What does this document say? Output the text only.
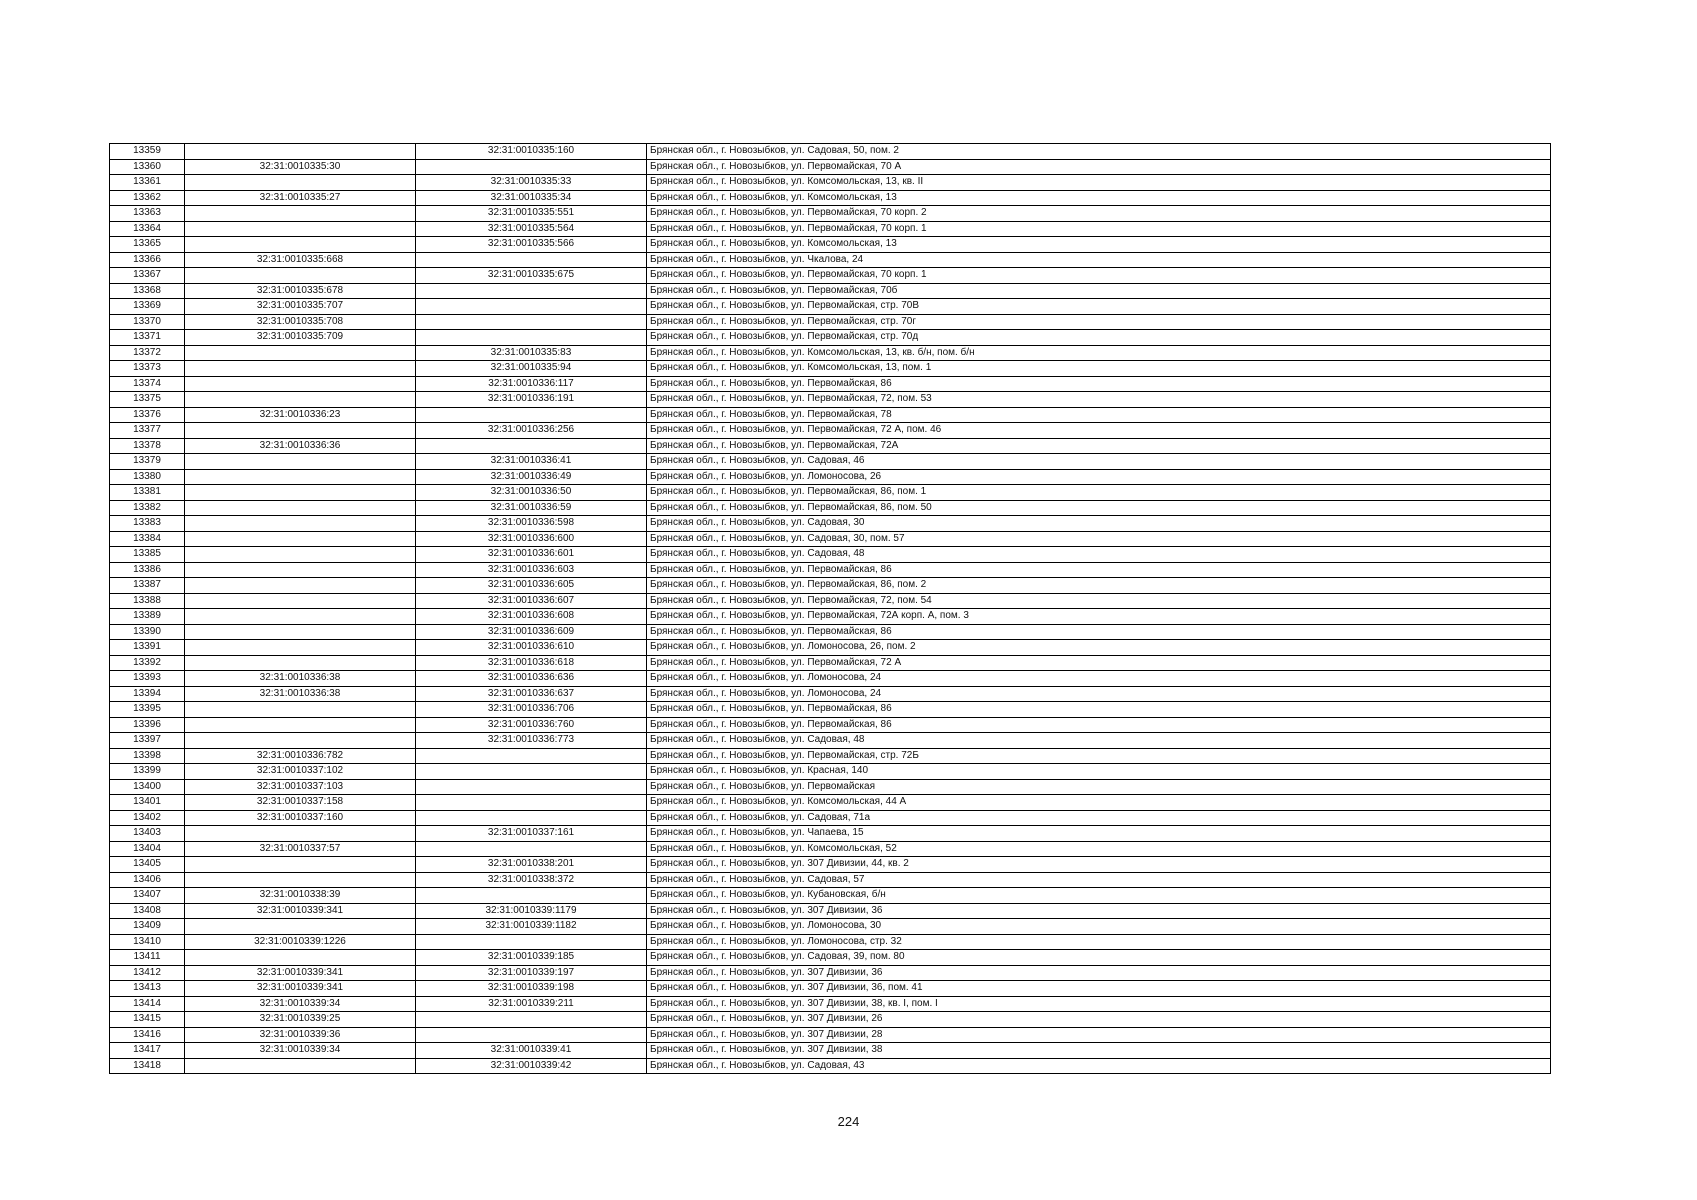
13359		32:31:0010335:160	Брянская обл., г. Новозыбков, ул. Садовая, 50, пом. 2
13360	32:31:0010335:30		Брянская обл., г. Новозыбков, ул. Первомайская, 70 А
13361		32:31:0010335:33	Брянская обл., г. Новозыбков, ул. Комсомольская, 13, кв. II
13362	32:31:0010335:27	32:31:0010335:34	Брянская обл., г. Новозыбков, ул. Комсомольская, 13
13363		32:31:0010335:551	Брянская обл., г. Новозыбков, ул. Первомайская, 70 корп. 2
13364		32:31:0010335:564	Брянская обл., г. Новозыбков, ул. Первомайская, 70 корп. 1
13365		32:31:0010335:566	Брянская обл., г. Новозыбков, ул. Комсомольская, 13
13366	32:31:0010335:668		Брянская обл., г. Новозыбков, ул. Чкалова, 24
13367		32:31:0010335:675	Брянская обл., г. Новозыбков, ул. Первомайская, 70 корп. 1
13368	32:31:0010335:678		Брянская обл., г. Новозыбков, ул. Первомайская, 70б
13369	32:31:0010335:707		Брянская обл., г. Новозыбков, ул. Первомайская, стр. 70В
13370	32:31:0010335:708		Брянская обл., г. Новозыбков, ул. Первомайская, стр. 70г
13371	32:31:0010335:709		Брянская обл., г. Новозыбков, ул. Первомайская, стр. 70д
13372		32:31:0010335:83	Брянская обл., г. Новозыбков, ул. Комсомольская, 13, кв. б/н, пом. б/н
13373		32:31:0010335:94	Брянская обл., г. Новозыбков, ул. Комсомольская, 13, пом. 1
13374		32:31:0010336:117	Брянская обл., г. Новозыбков, ул. Первомайская, 86
13375		32:31:0010336:191	Брянская обл., г. Новозыбков, ул. Первомайская, 72, пом. 53
13376	32:31:0010336:23		Брянская обл., г. Новозыбков, ул. Первомайская, 78
13377		32:31:0010336:256	Брянская обл., г. Новозыбков, ул. Первомайская, 72 А, пом. 46
13378	32:31:0010336:36		Брянская обл., г. Новозыбков, ул. Первомайская, 72А
13379		32:31:0010336:41	Брянская обл., г. Новозыбков, ул. Садовая, 46
13380		32:31:0010336:49	Брянская обл., г. Новозыбков, ул. Ломоносова, 26
13381		32:31:0010336:50	Брянская обл., г. Новозыбков, ул. Первомайская, 86, пом. 1
13382		32:31:0010336:59	Брянская обл., г. Новозыбков, ул. Первомайская, 86, пом. 50
13383		32:31:0010336:598	Брянская обл., г. Новозыбков, ул. Садовая, 30
13384		32:31:0010336:600	Брянская обл., г. Новозыбков, ул. Садовая, 30, пом. 57
13385		32:31:0010336:601	Брянская обл., г. Новозыбков, ул. Садовая, 48
13386		32:31:0010336:603	Брянская обл., г. Новозыбков, ул. Первомайская, 86
13387		32:31:0010336:605	Брянская обл., г. Новозыбков, ул. Первомайская, 86, пом. 2
13388		32:31:0010336:607	Брянская обл., г. Новозыбков, ул. Первомайская, 72, пом. 54
13389		32:31:0010336:608	Брянская обл., г. Новозыбков, ул. Первомайская, 72А корп. А, пом. 3
13390		32:31:0010336:609	Брянская обл., г. Новозыбков, ул. Первомайская, 86
13391		32:31:0010336:610	Брянская обл., г. Новозыбков, ул. Ломоносова, 26, пом. 2
13392		32:31:0010336:618	Брянская обл., г. Новозыбков, ул. Первомайская, 72 А
13393	32:31:0010336:38	32:31:0010336:636	Брянская обл., г. Новозыбков, ул. Ломоносова, 24
13394	32:31:0010336:38	32:31:0010336:637	Брянская обл., г. Новозыбков, ул. Ломоносова, 24
13395		32:31:0010336:706	Брянская обл., г. Новозыбков, ул. Первомайская, 86
13396		32:31:0010336:760	Брянская обл., г. Новозыбков, ул. Первомайская, 86
13397		32:31:0010336:773	Брянская обл., г. Новозыбков, ул. Садовая, 48
13398	32:31:0010336:782		Брянская обл., г. Новозыбков, ул. Первомайская, стр. 72Б
13399	32:31:0010337:102		Брянская обл., г. Новозыбков, ул. Красная, 140
13400	32:31:0010337:103		Брянская обл., г. Новозыбков, ул. Первомайская
13401	32:31:0010337:158		Брянская обл., г. Новозыбков, ул. Комсомольская, 44 А
13402	32:31:0010337:160		Брянская обл., г. Новозыбков, ул. Садовая, 71а
13403		32:31:0010337:161	Брянская обл., г. Новозыбков, ул. Чапаева, 15
13404	32:31:0010337:57		Брянская обл., г. Новозыбков, ул. Комсомольская, 52
13405		32:31:0010338:201	Брянская обл., г. Новозыбков, ул. 307 Дивизии, 44, кв. 2
13406		32:31:0010338:372	Брянская обл., г. Новозыбков, ул. Садовая, 57
13407	32:31:0010338:39		Брянская обл., г. Новозыбков, ул. Кубановская, б/н
13408	32:31:0010339:341	32:31:0010339:1179	Брянская обл., г. Новозыбков, ул. 307 Дивизии, 36
13409		32:31:0010339:1182	Брянская обл., г. Новозыбков, ул. Ломоносова, 30
13410	32:31:0010339:1226		Брянская обл., г. Новозыбков, ул. Ломоносова, стр. 32
13411		32:31:0010339:185	Брянская обл., г. Новозыбков, ул. Садовая, 39, пом. 80
13412	32:31:0010339:341	32:31:0010339:197	Брянская обл., г. Новозыбков, ул. 307 Дивизии, 36
13413	32:31:0010339:341	32:31:0010339:198	Брянская обл., г. Новозыбков, ул. 307 Дивизии, 36, пом. 41
13414	32:31:0010339:34	32:31:0010339:211	Брянская обл., г. Новозыбков, ул. 307 Дивизии, 38, кв. I, пом. I
13415	32:31:0010339:25		Брянская обл., г. Новозыбков, ул. 307 Дивизии, 26
13416	32:31:0010339:36		Брянская обл., г. Новозыбков, ул. 307 Дивизии, 28
13417	32:31:0010339:34	32:31:0010339:41	Брянская обл., г. Новозыбков, ул. 307 Дивизии, 38
13418		32:31:0010339:42	Брянская обл., г. Новозыбков, ул. Садовая, 43
224
